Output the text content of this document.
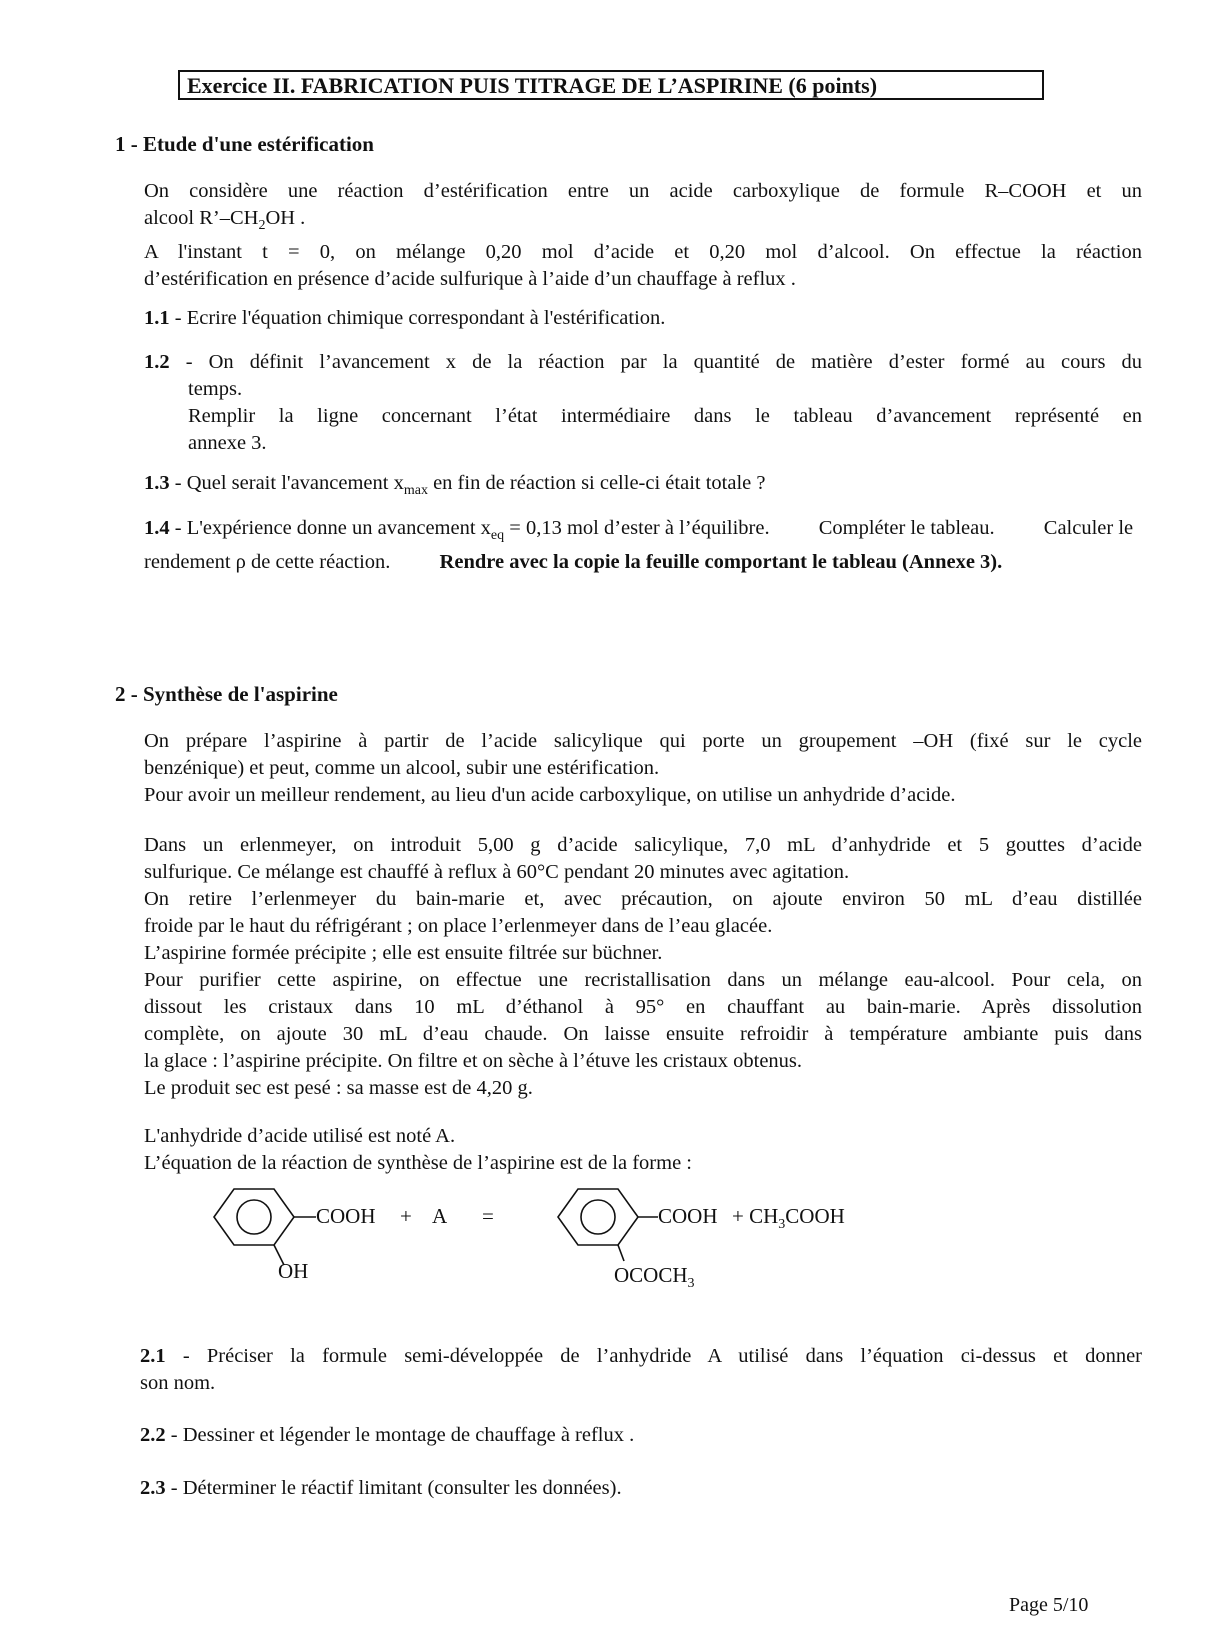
Exercice II. FABRICATION PUIS TITRAGE DE L’ASPIRINE (6 points)
1 - Etude d'une estérification
On considère une réaction d’estérification entre un acide carboxylique de formule R–COOH et un
alcool $R’-CH_2OH$ .
A l'instant t = 0, on mélange 0,20 mol d’acide et 0,20 mol d’alcool. On effectue la réaction
d’estérification en présence d’acide sulfurique à l’aide d’un chauffage à reflux .
1.1 - Ecrire l'équation chimique correspondant à l'estérification.
1.2 - On définit l’avancement x de la réaction par la quantité de matière d’ester formé au cours du
temps.
Remplir la ligne concernant l’état intermédiaire dans le tableau d’avancement représenté en
annexe 3.
1.3 - Quel serait l'avancement $x_{max}$ en fin de réaction si celle-ci était totale ?
1.4 - L'expérience donne un avancement $x_{eq} = 0,13$ mol d’ester à l’équilibre. Compléter le tableau. Calculer le rendement ρ de cette réaction. Rendre avec la copie la feuille comportant le tableau (Annexe 3).
2 - Synthèse de l'aspirine
On prépare l’aspirine à partir de l’acide salicylique qui porte un groupement –OH (fixé sur le cycle
benzénique) et peut, comme un alcool, subir une estérification.
Pour avoir un meilleur rendement, au lieu d'un acide carboxylique, on utilise un anhydride d’acide.
Dans un erlenmeyer, on introduit 5,00 g d’acide salicylique, 7,0 mL d’anhydride et 5 gouttes d’acide
sulfurique. Ce mélange est chauffé à reflux à 60°C pendant 20 minutes avec agitation.
On retire l’erlenmeyer du bain-marie et, avec précaution, on ajoute environ 50 mL d’eau distillée
froide par le haut du réfrigérant ; on place l’erlenmeyer dans de l’eau glacée.
L’aspirine formée précipite ; elle est ensuite filtrée sur büchner.
Pour purifier cette aspirine, on effectue une recristallisation dans un mélange eau-alcool. Pour cela, on
dissout les cristaux dans 10 mL d’éthanol à 95° en chauffant au bain-marie. Après dissolution
complète, on ajoute 30 mL d’eau chaude. On laisse ensuite refroidir à température ambiante puis dans
la glace : l’aspirine précipite. On filtre et on sèche à l’étuve les cristaux obtenus.
Le produit sec est pesé : sa masse est de 4,20 g.
L'anhydride d’acide utilisé est noté A.
L’équation de la réaction de synthèse de l’aspirine est de la forme :
COOH + A =	COOH + $CH_3COOH$
OH	$OCOCH_3$
2.1 - Préciser la formule semi-développée de l’anhydride A utilisé dans l’équation ci-dessus et donner
son nom.
2.2 - Dessiner et légender le montage de chauffage à reflux .
2.3 - Déterminer le réactif limitant (consulter les données).
Page 5/10
